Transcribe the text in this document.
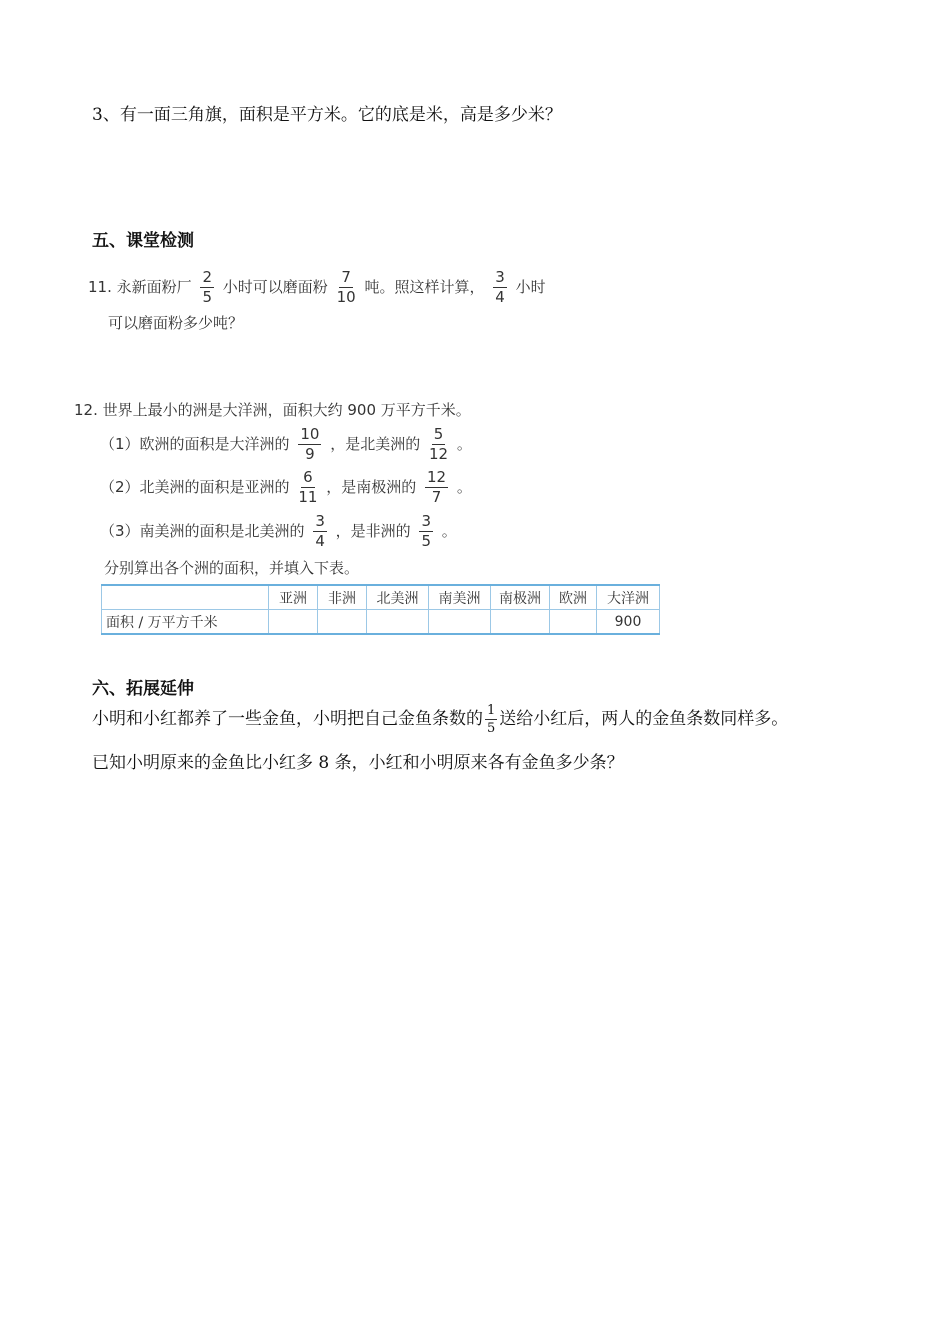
3、有一面三角旗，面积是平方米。它的底是米，高是多少米？
五、课堂检测
11. 永新面粉厂 $\frac{2}{5}$ 小时可以磨面粉 $\frac{7}{10}$ 吨。照这样计算， $\frac{3}{4}$ 小时
可以磨面粉多少吨？
12. 世界上最小的洲是大洋洲，面积大约 900 万平方千米。
（1）欧洲的面积是大洋洲的 $\frac{10}{9}$ ，是北美洲的 $\frac{5}{12}$ 。
（2）北美洲的面积是亚洲的 $\frac{6}{11}$ ，是南极洲的 $\frac{12}{7}$ 。
（3）南美洲的面积是北美洲的 $\frac{3}{4}$ ，是非洲的 $\frac{3}{5}$ 。
分别算出各个洲的面积，并填入下表。
	亚洲	非洲	北美洲	南美洲	南极洲	欧洲	大洋洲
面积 / 万平方千米							900
六、拓展延伸
小明和小红都养了一些金鱼，小明把自己金鱼条数的 $\frac{1}{5}$ 送给小红后，两人的金鱼条数同样多。
已知小明原来的金鱼比小红多 8 条，小红和小明原来各有金鱼多少条？
